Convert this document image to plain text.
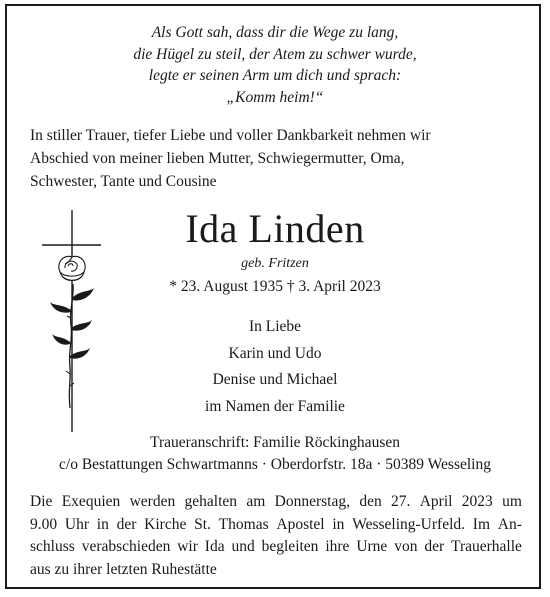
Als Gott sah, dass dir die Wege zu lang,
die Hügel zu steil, der Atem zu schwer wurde,
legte er seinen Arm um dich und sprach:
„Komm heim!“
In stiller Trauer, tiefer Liebe und voller Dankbarkeit nehmen wir
Abschied von meiner lieben Mutter, Schwiegermutter, Oma,
Schwester, Tante und Cousine
Ida Linden
geb. Fritzen
* 23. August 1935 † 3. April 2023
In Liebe
Karin und Udo
Denise und Michael
im Namen der Familie
Traueranschrift: Familie Röckinghausen
c/o Bestattungen Schwartmanns · Oberdorfstr. 18a · 50389 Wesseling
Die Exequien werden gehalten am Donnerstag, den 27. April 2023 um
9.00 Uhr in der Kirche St. Thomas Apostel in Wesseling-Urfeld. Im An-
schluss verabschieden wir Ida und begleiten ihre Urne von der Trauerhalle
aus zu ihrer letzten Ruhestätte
